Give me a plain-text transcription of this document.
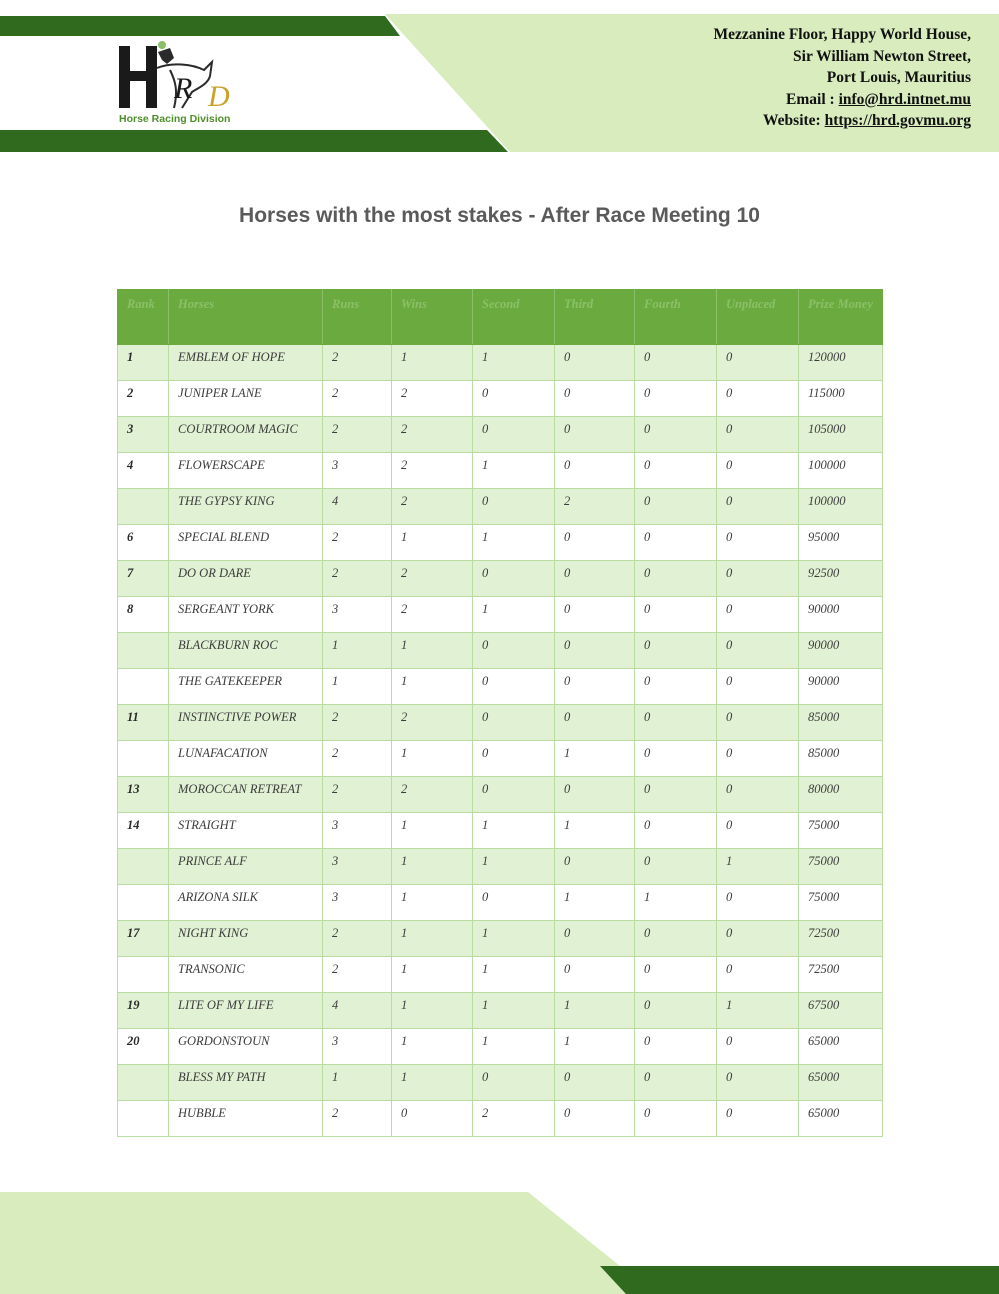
R D
Horse Racing Division
Mezzanine Floor, Happy World House,
Sir William Newton Street,
Port Louis, Mauritius
Email : info@hrd.intnet.mu
Website: https://hrd.govmu.org
Horses with the most stakes - After Race Meeting 10
Rank	Horses	Runs	Wins	Second	Third	Fourth	Unplaced	Prize Money
1	EMBLEM OF HOPE	2	1	1	0	0	0	120000
2	JUNIPER LANE	2	2	0	0	0	0	115000
3	COURTROOM MAGIC	2	2	0	0	0	0	105000
4	FLOWERSCAPE	3	2	1	0	0	0	100000
	THE GYPSY KING	4	2	0	2	0	0	100000
6	SPECIAL BLEND	2	1	1	0	0	0	95000
7	DO OR DARE	2	2	0	0	0	0	92500
8	SERGEANT YORK	3	2	1	0	0	0	90000
	BLACKBURN ROC	1	1	0	0	0	0	90000
	THE GATEKEEPER	1	1	0	0	0	0	90000
11	INSTINCTIVE POWER	2	2	0	0	0	0	85000
	LUNAFACATION	2	1	0	1	0	0	85000
13	MOROCCAN RETREAT	2	2	0	0	0	0	80000
14	STRAIGHT	3	1	1	1	0	0	75000
	PRINCE ALF	3	1	1	0	0	1	75000
	ARIZONA SILK	3	1	0	1	1	0	75000
17	NIGHT KING	2	1	1	0	0	0	72500
	TRANSONIC	2	1	1	0	0	0	72500
19	LITE OF MY LIFE	4	1	1	1	0	1	67500
20	GORDONSTOUN	3	1	1	1	0	0	65000
	BLESS MY PATH	1	1	0	0	0	0	65000
	HUBBLE	2	0	2	0	0	0	65000
